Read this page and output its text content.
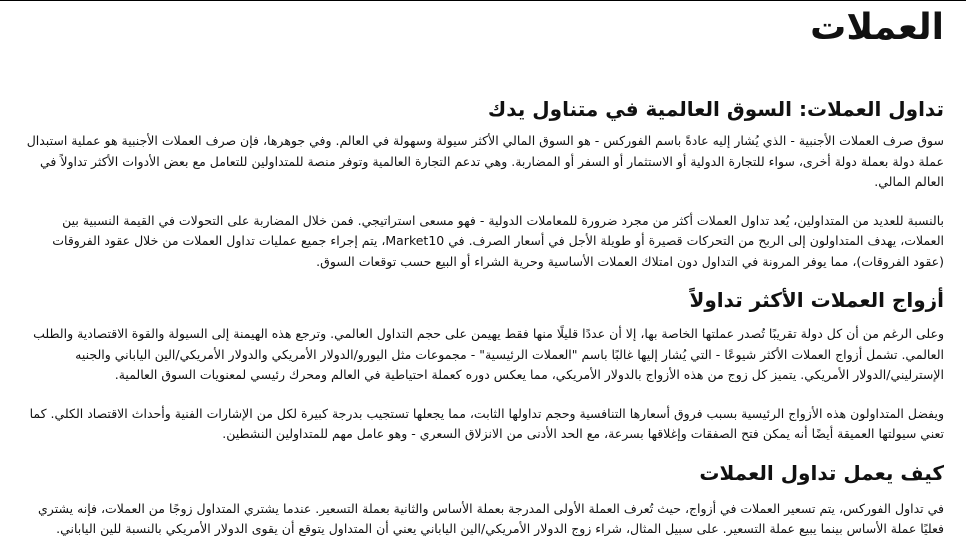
العملات
تداول العملات: السوق العالمية في متناول يدك

سوق صرف العملات الأجنبية - الذي يُشار إليه عادةً باسم الفوركس - هو السوق المالي الأكثر سيولة وسهولة في العالم. وفي جوهرها، فإن صرف العملات الأجنبية هو عملية استبدال عملة دولة بعملة دولة أخرى، سواء للتجارة الدولية أو الاستثمار أو السفر أو المضاربة. وهي تدعم التجارة العالمية وتوفر منصة للمتداولين للتعامل مع بعض الأدوات الأكثر تداولاً في العالم المالي.

بالنسبة للعديد من المتداولين، يُعد تداول العملات أكثر من مجرد ضرورة للمعاملات الدولية - فهو مسعى استراتيجي. فمن خلال المضاربة على التحولات في القيمة النسبية بين العملات، يهدف المتداولون إلى الربح من التحركات قصيرة أو طويلة الأجل في أسعار الصرف. في Market10، يتم إجراء جميع عمليات تداول العملات من خلال عقود الفروقات (عقود الفروقات)، مما يوفر المرونة في التداول دون امتلاك العملات الأساسية وحرية الشراء أو البيع حسب توقعات السوق.

أزواج العملات الأكثر تداولاً

وعلى الرغم من أن كل دولة تقريبًا تُصدر عملتها الخاصة بها، إلا أن عددًا قليلًا منها فقط يهيمن على حجم التداول العالمي. وترجع هذه الهيمنة إلى السيولة والقوة الاقتصادية والطلب العالمي. تشمل أزواج العملات الأكثر شيوعًا - التي يُشار إليها غالبًا باسم "العملات الرئيسية" - مجموعات مثل اليورو/الدولار الأمريكي والدولار الأمريكي/الين الياباني والجنيه الإسترليني/الدولار الأمريكي. يتميز كل زوج من هذه الأزواج بالدولار الأمريكي، مما يعكس دوره كعملة احتياطية في العالم ومحرك رئيسي لمعنويات السوق العالمية.

ويفضل المتداولون هذه الأزواج الرئيسية بسبب فروق أسعارها التنافسية وحجم تداولها الثابت، مما يجعلها تستجيب بدرجة كبيرة لكل من الإشارات الفنية وأحداث الاقتصاد الكلي. كما تعني سيولتها العميقة أيضًا أنه يمكن فتح الصفقات وإغلاقها بسرعة، مع الحد الأدنى من الانزلاق السعري - وهو عامل مهم للمتداولين النشطين.

كيف يعمل تداول العملات

في تداول الفوركس، يتم تسعير العملات في أزواج، حيث تُعرف العملة الأولى المدرجة بعملة الأساس والثانية بعملة التسعير. عندما يشتري المتداول زوجًا من العملات، فإنه يشتري فعليًا عملة الأساس بينما يبيع عملة التسعير. على سبيل المثال، شراء زوج الدولار الأمريكي/الين الياباني يعني أن المتداول يتوقع أن يقوى الدولار الأمريكي بالنسبة للين الياباني.
